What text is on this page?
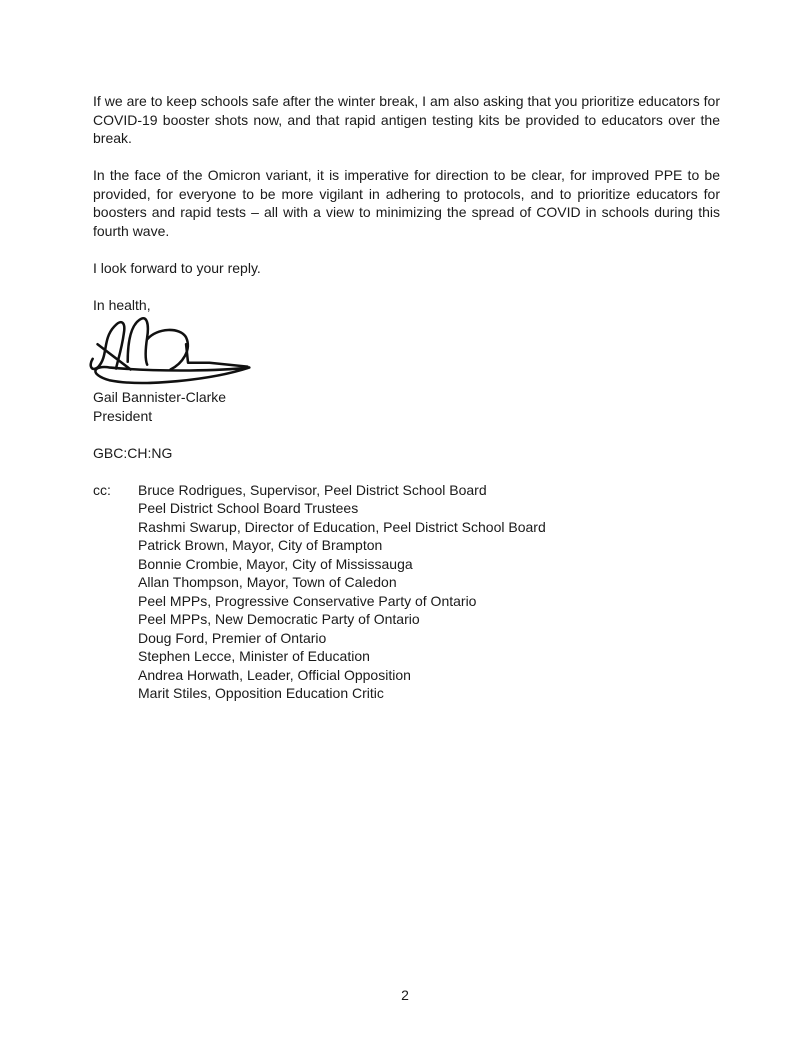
If we are to keep schools safe after the winter break, I am also asking that you prioritize educators for COVID-19 booster shots now, and that rapid antigen testing kits be provided to educators over the break.

In the face of the Omicron variant, it is imperative for direction to be clear, for improved PPE to be provided, for everyone to be more vigilant in adhering to protocols, and to prioritize educators for boosters and rapid tests – all with a view to minimizing the spread of COVID in schools during this fourth wave.

I look forward to your reply.

In health,

Gail Bannister-Clarke

President

GBC:CH:NG

cc:	Bruce Rodrigues, Supervisor, Peel District School Board

Peel District School Board Trustees

Rashmi Swarup, Director of Education, Peel District School Board

Patrick Brown, Mayor, City of Brampton

Bonnie Crombie, Mayor, City of Mississauga

Allan Thompson, Mayor, Town of Caledon

Peel MPPs, Progressive Conservative Party of Ontario

Peel MPPs, New Democratic Party of Ontario

Doug Ford, Premier of Ontario

Stephen Lecce, Minister of Education

Andrea Horwath, Leader, Official Opposition

Marit Stiles, Opposition Education Critic

2
